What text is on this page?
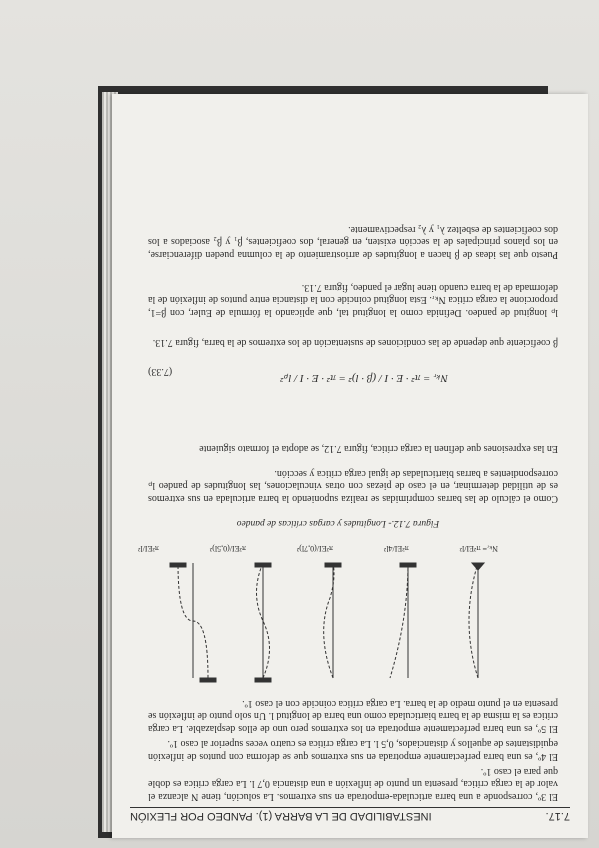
7.17.
INESTABILIDAD DE LA BARRA (1). PANDEO POR FLEXIÓN
El 3º, corresponde a una barra articulada-empotrada en sus extremos. La solución, tiene N alcanza el valor de la carga crítica, presenta un punto de inflexión a una distancia 0,7 l. La carga crítica es doble que para el caso 1º.
El 4º, es una barra perfectamente empotrada en sus extremos que se deforma con puntos de inflexión equidistantes de aquellos y distanciados, 0,5 l. La carga crítica es cuatro veces superior al caso 1º.
El 5º, es una barra perfectamente empotrada en los extremos pero uno de ellos desplazable. La carga crítica es la misma de la barra biarticulada como una barra de longitud l. Un solo punto de inflexión se presenta en el punto medio de la barra. La carga crítica coincide con el caso 1º.
Nₖᵣ= π²EI/l²
π²EI/4l²
π²EI/(0,7l)²
π²EI/(0,5l)²
π²EI/l²
Figura 7.12.- Longitudes y cargas críticas de pandeo
Como el cálculo de las barras comprimidas se realiza suponiendo la barra articulada en sus extremos es de utilidad determinar, en el caso de piezas con otras vinculaciones, las longitudes de pandeo lₚ correspondientes a barras biarticuladas de igual carga crítica y sección.
En las expresiones que definen la carga crítica, figura 7.12, se adopta el formato siguiente
Nₖᵣ = π² · E · I / (β · l)² = π² · E · I / lₚ²
(7.33)
β coeficiente que depende de las condiciones de sustentación de los extremos de la barra, figura 7.13.
lₚ longitud de pandeo. Definida como la longitud tal, que aplicando la fórmula de Euler, con β=1, proporcione la carga crítica Nₖᵣ. Esta longitud coincide con la distancia entre puntos de inflexión de la deformada de la barra cuando tiene lugar el pandeo, figura 7.13.
Puesto que las ideas de β hacen a longitudes de arriostramiento de la columna pueden diferenciarse, en los planos principales de la sección existen, en general, dos coeficientes, β₁ y β₂ asociados a los dos coeficientes de esbeltez λ₁ y λ₂ respectivamente.
